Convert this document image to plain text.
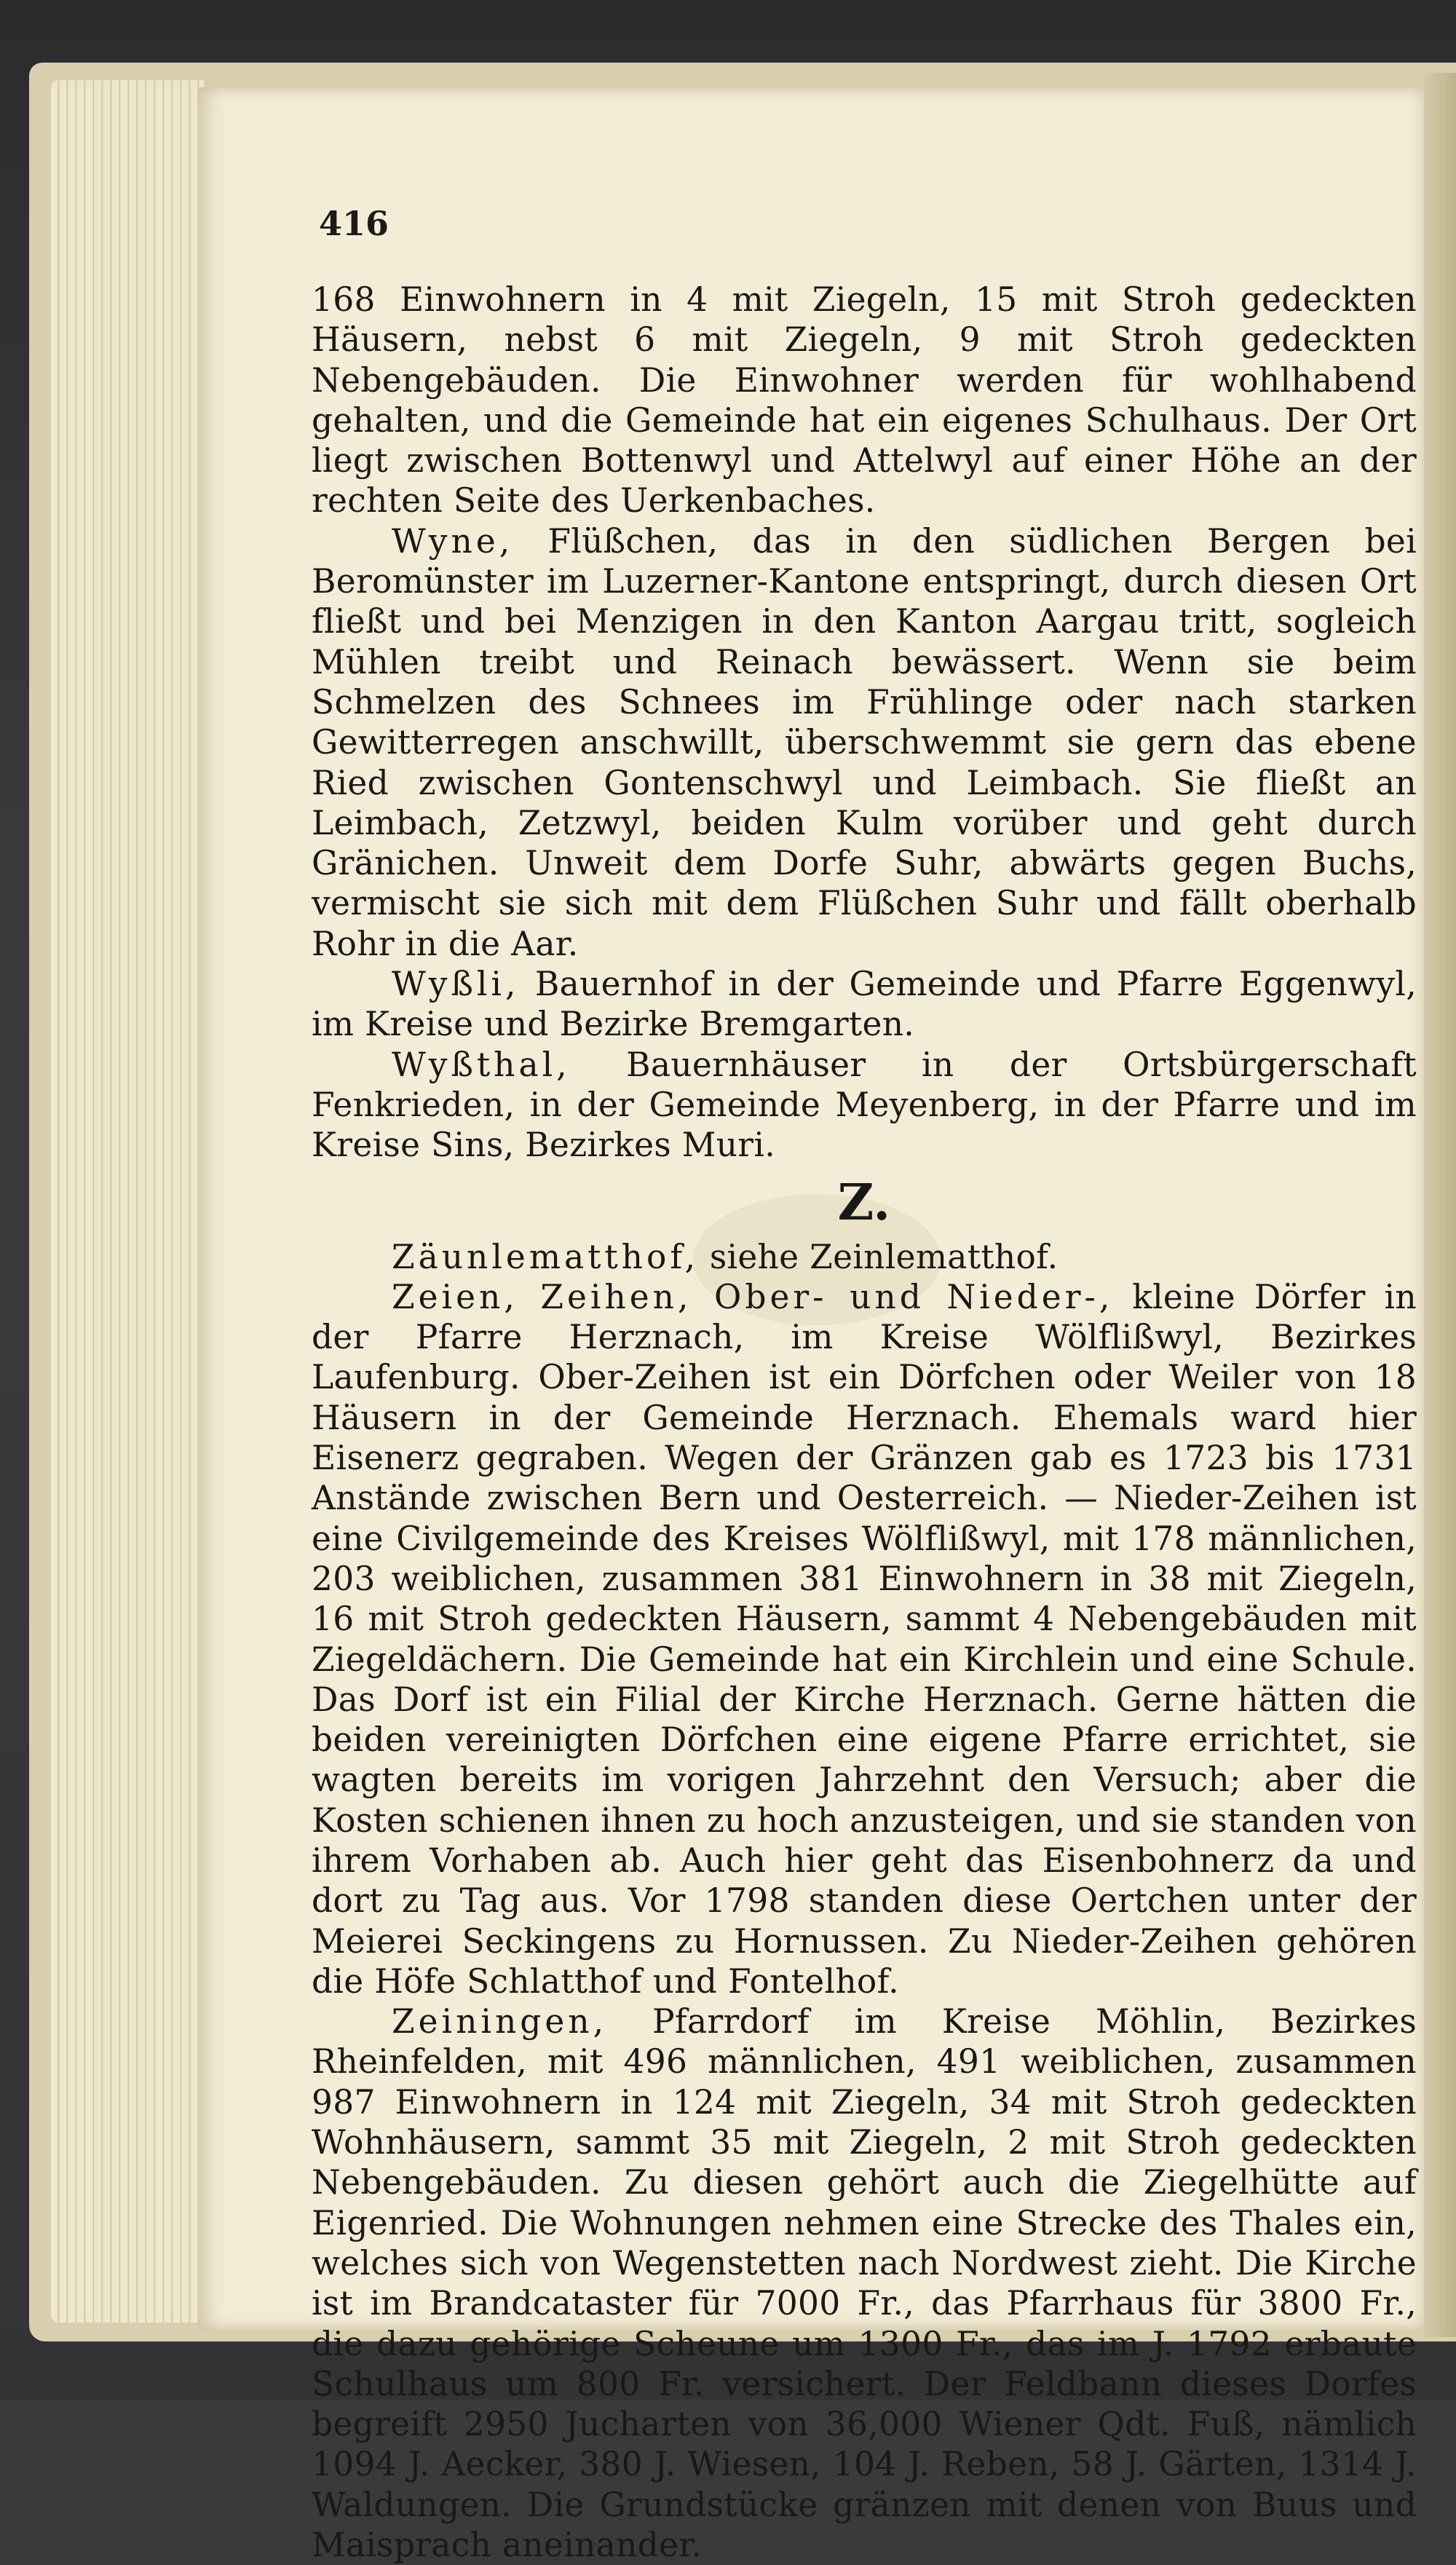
416

168 Einwohnern in 4 mit Ziegeln, 15 mit Stroh gedeckten Häusern, nebst 6 mit Ziegeln, 9 mit Stroh gedeckten Nebengebäuden. Die Einwohner werden für wohlhabend gehalten, und die Gemeinde hat ein eigenes Schulhaus. Der Ort liegt zwischen Bottenwyl und Attelwyl auf einer Höhe an der rechten Seite des Uerkenbaches.

Wyne, Flüßchen, das in den südlichen Bergen bei Beromünster im Luzerner-Kantone entspringt, durch diesen Ort fließt und bei Menzigen in den Kanton Aargau tritt, sogleich Mühlen treibt und Reinach bewässert. Wenn sie beim Schmelzen des Schnees im Frühlinge oder nach starken Gewitterregen anschwillt, überschwemmt sie gern das ebene Ried zwischen Gontenschwyl und Leimbach. Sie fließt an Leimbach, Zetzwyl, beiden Kulm vorüber und geht durch Gränichen. Unweit dem Dorfe Suhr, abwärts gegen Buchs, vermischt sie sich mit dem Flüßchen Suhr und fällt oberhalb Rohr in die Aar.

Wyßli, Bauernhof in der Gemeinde und Pfarre Eggenwyl, im Kreise und Bezirke Bremgarten.

Wyßthal, Bauernhäuser in der Ortsbürgerschaft Fenkrieden, in der Gemeinde Meyenberg, in der Pfarre und im Kreise Sins, Bezirkes Muri.

Z.

Zäunlematthof, siehe Zeinlematthof.

Zeien, Zeihen, Ober- und Nieder-, kleine Dörfer in der Pfarre Herznach, im Kreise Wölflißwyl, Bezirkes Laufenburg. Ober-Zeihen ist ein Dörfchen oder Weiler von 18 Häusern in der Gemeinde Herznach. Ehemals ward hier Eisenerz gegraben. Wegen der Gränzen gab es 1723 bis 1731 Anstände zwischen Bern und Oesterreich. — Nieder-Zeihen ist eine Civilgemeinde des Kreises Wölflißwyl, mit 178 männlichen, 203 weiblichen, zusammen 381 Einwohnern in 38 mit Ziegeln, 16 mit Stroh gedeckten Häusern, sammt 4 Nebengebäuden mit Ziegeldächern. Die Gemeinde hat ein Kirchlein und eine Schule. Das Dorf ist ein Filial der Kirche Herznach. Gerne hätten die beiden vereinigten Dörfchen eine eigene Pfarre errichtet, sie wagten bereits im vorigen Jahrzehnt den Versuch; aber die Kosten schienen ihnen zu hoch anzusteigen, und sie standen von ihrem Vorhaben ab. Auch hier geht das Eisenbohnerz da und dort zu Tag aus. Vor 1798 standen diese Oertchen unter der Meierei Seckingens zu Hornussen. Zu Nieder-Zeihen gehören die Höfe Schlatthof und Fontelhof.

Zeiningen, Pfarrdorf im Kreise Möhlin, Bezirkes Rheinfelden, mit 496 männlichen, 491 weiblichen, zusammen 987 Einwohnern in 124 mit Ziegeln, 34 mit Stroh gedeckten Wohnhäusern, sammt 35 mit Ziegeln, 2 mit Stroh gedeckten Nebengebäuden. Zu diesen gehört auch die Ziegelhütte auf Eigenried. Die Wohnungen nehmen eine Strecke des Thales ein, welches sich von Wegenstetten nach Nordwest zieht. Die Kirche ist im Brandcataster für 7000 Fr., das Pfarrhaus für 3800 Fr., die dazu gehörige Scheune um 1300 Fr., das im J. 1792 erbaute Schulhaus um 800 Fr. versichert. Der Feldbann dieses Dorfes begreift 2950 Jucharten von 36,000 Wiener Qdt. Fuß, nämlich 1094 J. Aecker, 380 J. Wiesen, 104 J. Reben, 58 J. Gärten, 1314 J. Waldungen. Die Grundstücke gränzen mit denen von Buus und Maisprach aneinander.
